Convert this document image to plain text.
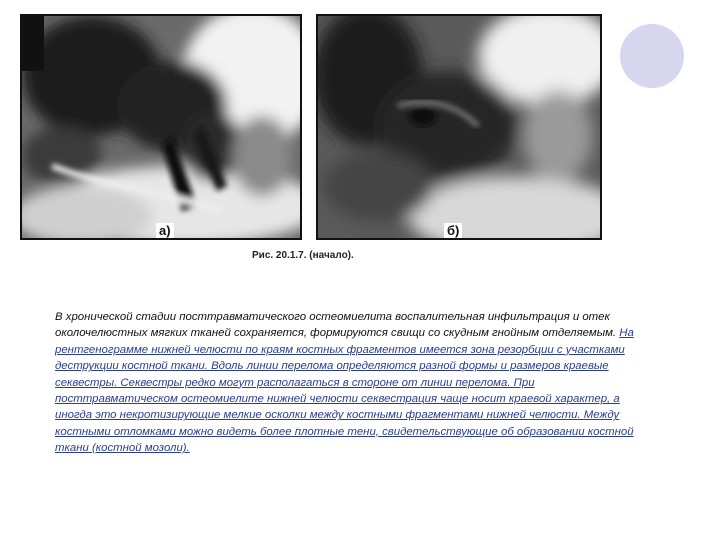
а)	б)
Рис. 20.1.7. (начало).

В хронической стадии посттравматического остеомиелита воспалительная инфильтрация и отек околочелюстных мягких тканей сохраняется, формируются свищи со скудным гнойным отделяемым. На рентгенограмме нижней челюсти по краям костных фрагментов имеется зона резорбции с участками деструкции костной ткани. Вдоль линии перелома определяются разной формы и размеров краевые секвестры. Секвестры редко могут располагаться в стороне от линии перелома. При посттравматическом остеомиелите нижней челюсти секвестрация чаще носит краевой характер, а иногда это некротизирующие мелкие осколки между костными фрагментами нижней челюсти. Между костными отломками можно видеть более плотные тени, свидетельствующие об образовании костной ткани (костной мозоли).
